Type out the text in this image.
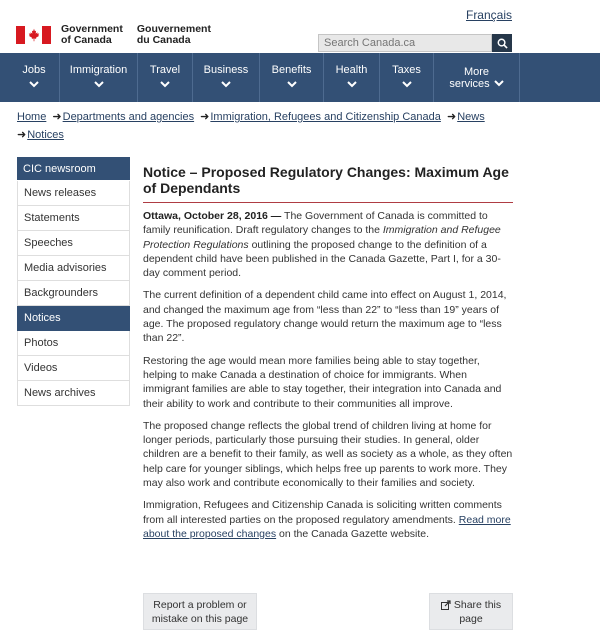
Français
Government
of Canada
Gouvernement
du Canada
Search Canada.ca
Jobs Immigration Travel Business Benefits Health Taxes	More
services
Home ➜Departments and agencies ➜Immigration, Refugees and Citizenship Canada ➜News ➜Notices
CIC newsroom
News releases
Statements
Speeches
Media advisories
Backgrounders
Notices
Photos
Videos
News archives
Notice – Proposed Regulatory Changes: Maximum Age of Dependants

Ottawa, October 28, 2016 — The Government of Canada is committed to family reunification. Draft regulatory changes to the Immigration and Refugee Protection Regulations outlining the proposed change to the definition of a dependent child have been published in the Canada Gazette, Part I, for a 30-day comment period.

The current definition of a dependent child came into effect on August 1, 2014, and changed the maximum age from “less than 22” to “less than 19” years of age. The proposed regulatory change would return the maximum age to “less than 22”.

Restoring the age would mean more families being able to stay together, helping to make Canada a destination of choice for immigrants. When immigrant families are able to stay together, their integration into Canada and their ability to work and contribute to their communities all improve.

The proposed change reflects the global trend of children living at home for longer periods, particularly those pursuing their studies. In general, older children are a benefit to their family, as well as society as a whole, as they often help care for younger siblings, which helps free up parents to work more. They may also work and contribute economically to their families and society.

Immigration, Refugees and Citizenship Canada is soliciting written comments from all interested parties on the proposed regulatory amendments. Read more about the proposed changes on the Canada Gazette website.

Report a problem or
mistake on this page
Share this
page
